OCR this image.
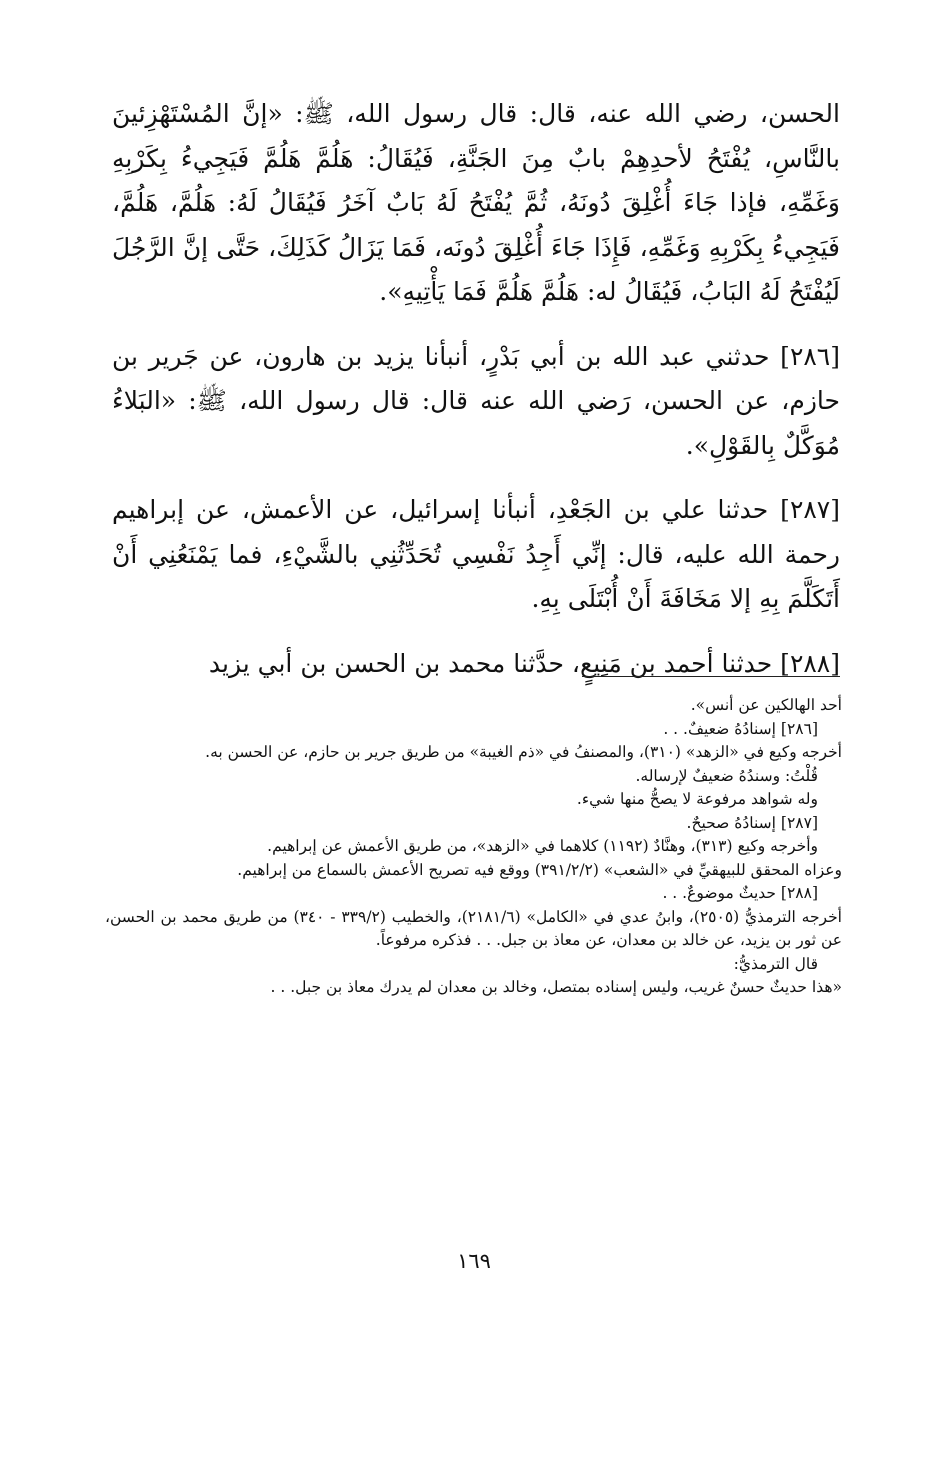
الحسن، رضي الله عنه، قال: قال رسول الله، ﷺ: «إنَّ المُسْتَهْزِئينَ بالنَّاسِ، يُفْتَحُ لأحدِهِمْ بابٌ مِنَ الجَنَّةِ، فَيُقَالُ: هَلُمَّ هَلُمَّ فَيَجِيءُ بِكَرْبِهِ وَغَمِّهِ، فإذا جَاءَ أُغْلِقَ دُونَهُ، ثُمَّ يُفْتَحُ لَهُ بَابٌ آخَرُ فَيُقَالُ لَهُ: هَلُمَّ، هَلُمَّ، فَيَجِيءُ بِكَرْبِهِ وَغَمِّهِ، فَإِذَا جَاءَ أُغْلِقَ دُونَه، فَمَا يَزَالُ كَذَلِكَ، حَتَّى إنَّ الرَّجُلَ لَيُفْتَحُ لَهُ البَابُ، فَيُقَالُ له: هَلُمَّ هَلُمَّ فَمَا يَأْتِيهِ».

[٢٨٦] حدثني عبد الله بن أبي بَدْرٍ، أنبأنا يزيد بن هارون، عن جَرير بن حازم، عن الحسن، رَضي الله عنه قال: قال رسول الله، ﷺ: «البَلاءُ مُوَكَّلٌ بِالقَوْلِ».

[٢٨٧] حدثنا علي بن الجَعْدِ، أنبأنا إسرائيل، عن الأعمش، عن إبراهيم رحمة الله عليه، قال: إنِّي أَجِدُ نَفْسِي تُحَدِّثُنِي بالشَّيْءِ، فما يَمْنَعُنِي أَنْ أَتَكَلَّمَ بِهِ إلا مَخَافَةَ أَنْ أُبْتَلَى بِهِ.

[٢٨٨] حدثنا أحمد بن مَنِيعٍ، حدَّثنا محمد بن الحسن بن أبي يزيد

أحد الهالكين عن أنس».

[٢٨٦] إسنادُهُ ضعيفٌ. . .

أخرجه وكيع في «الزهد» (٣١٠)، والمصنفُ في «ذم الغيبة» من طريق جرير بن حازم، عن الحسن به.

قُلْتُ: وسندُهُ ضعيفٌ لإرساله.

وله شواهد مرفوعة لا يصحُّ منها شيء.

[٢٨٧] إسنادُهُ صحيحٌ.

وأخرجه وكيع (٣١٣)، وهنَّادٌ (١١٩٢) كلاهما في «الزهد»، من طريق الأعمش عن إبراهيم.

وعزاه المحقق للبيهقيِّ في «الشعب» (٣٩١/٢/٢) ووقع فيه تصريح الأعمش بالسماع من إبراهيم.

[٢٨٨] حديثٌ موضوعٌ. . .

أخرجه الترمذيُّ (٢٥٠٥)، وابنُ عدي في «الكامل» (٢١٨١/٦)، والخطيب (٣٣٩/٢ - ٣٤٠) من طريق محمد بن الحسن، عن ثور بن يزيد، عن خالد بن معدان، عن معاذ بن جبل. . . فذكره مرفوعاً.

قال الترمذيُّ:

«هذا حديثٌ حسنٌ غريب، وليس إسناده بمتصل، وخالد بن معدان لم يدرك معاذ بن جبل. . .

١٦٩
